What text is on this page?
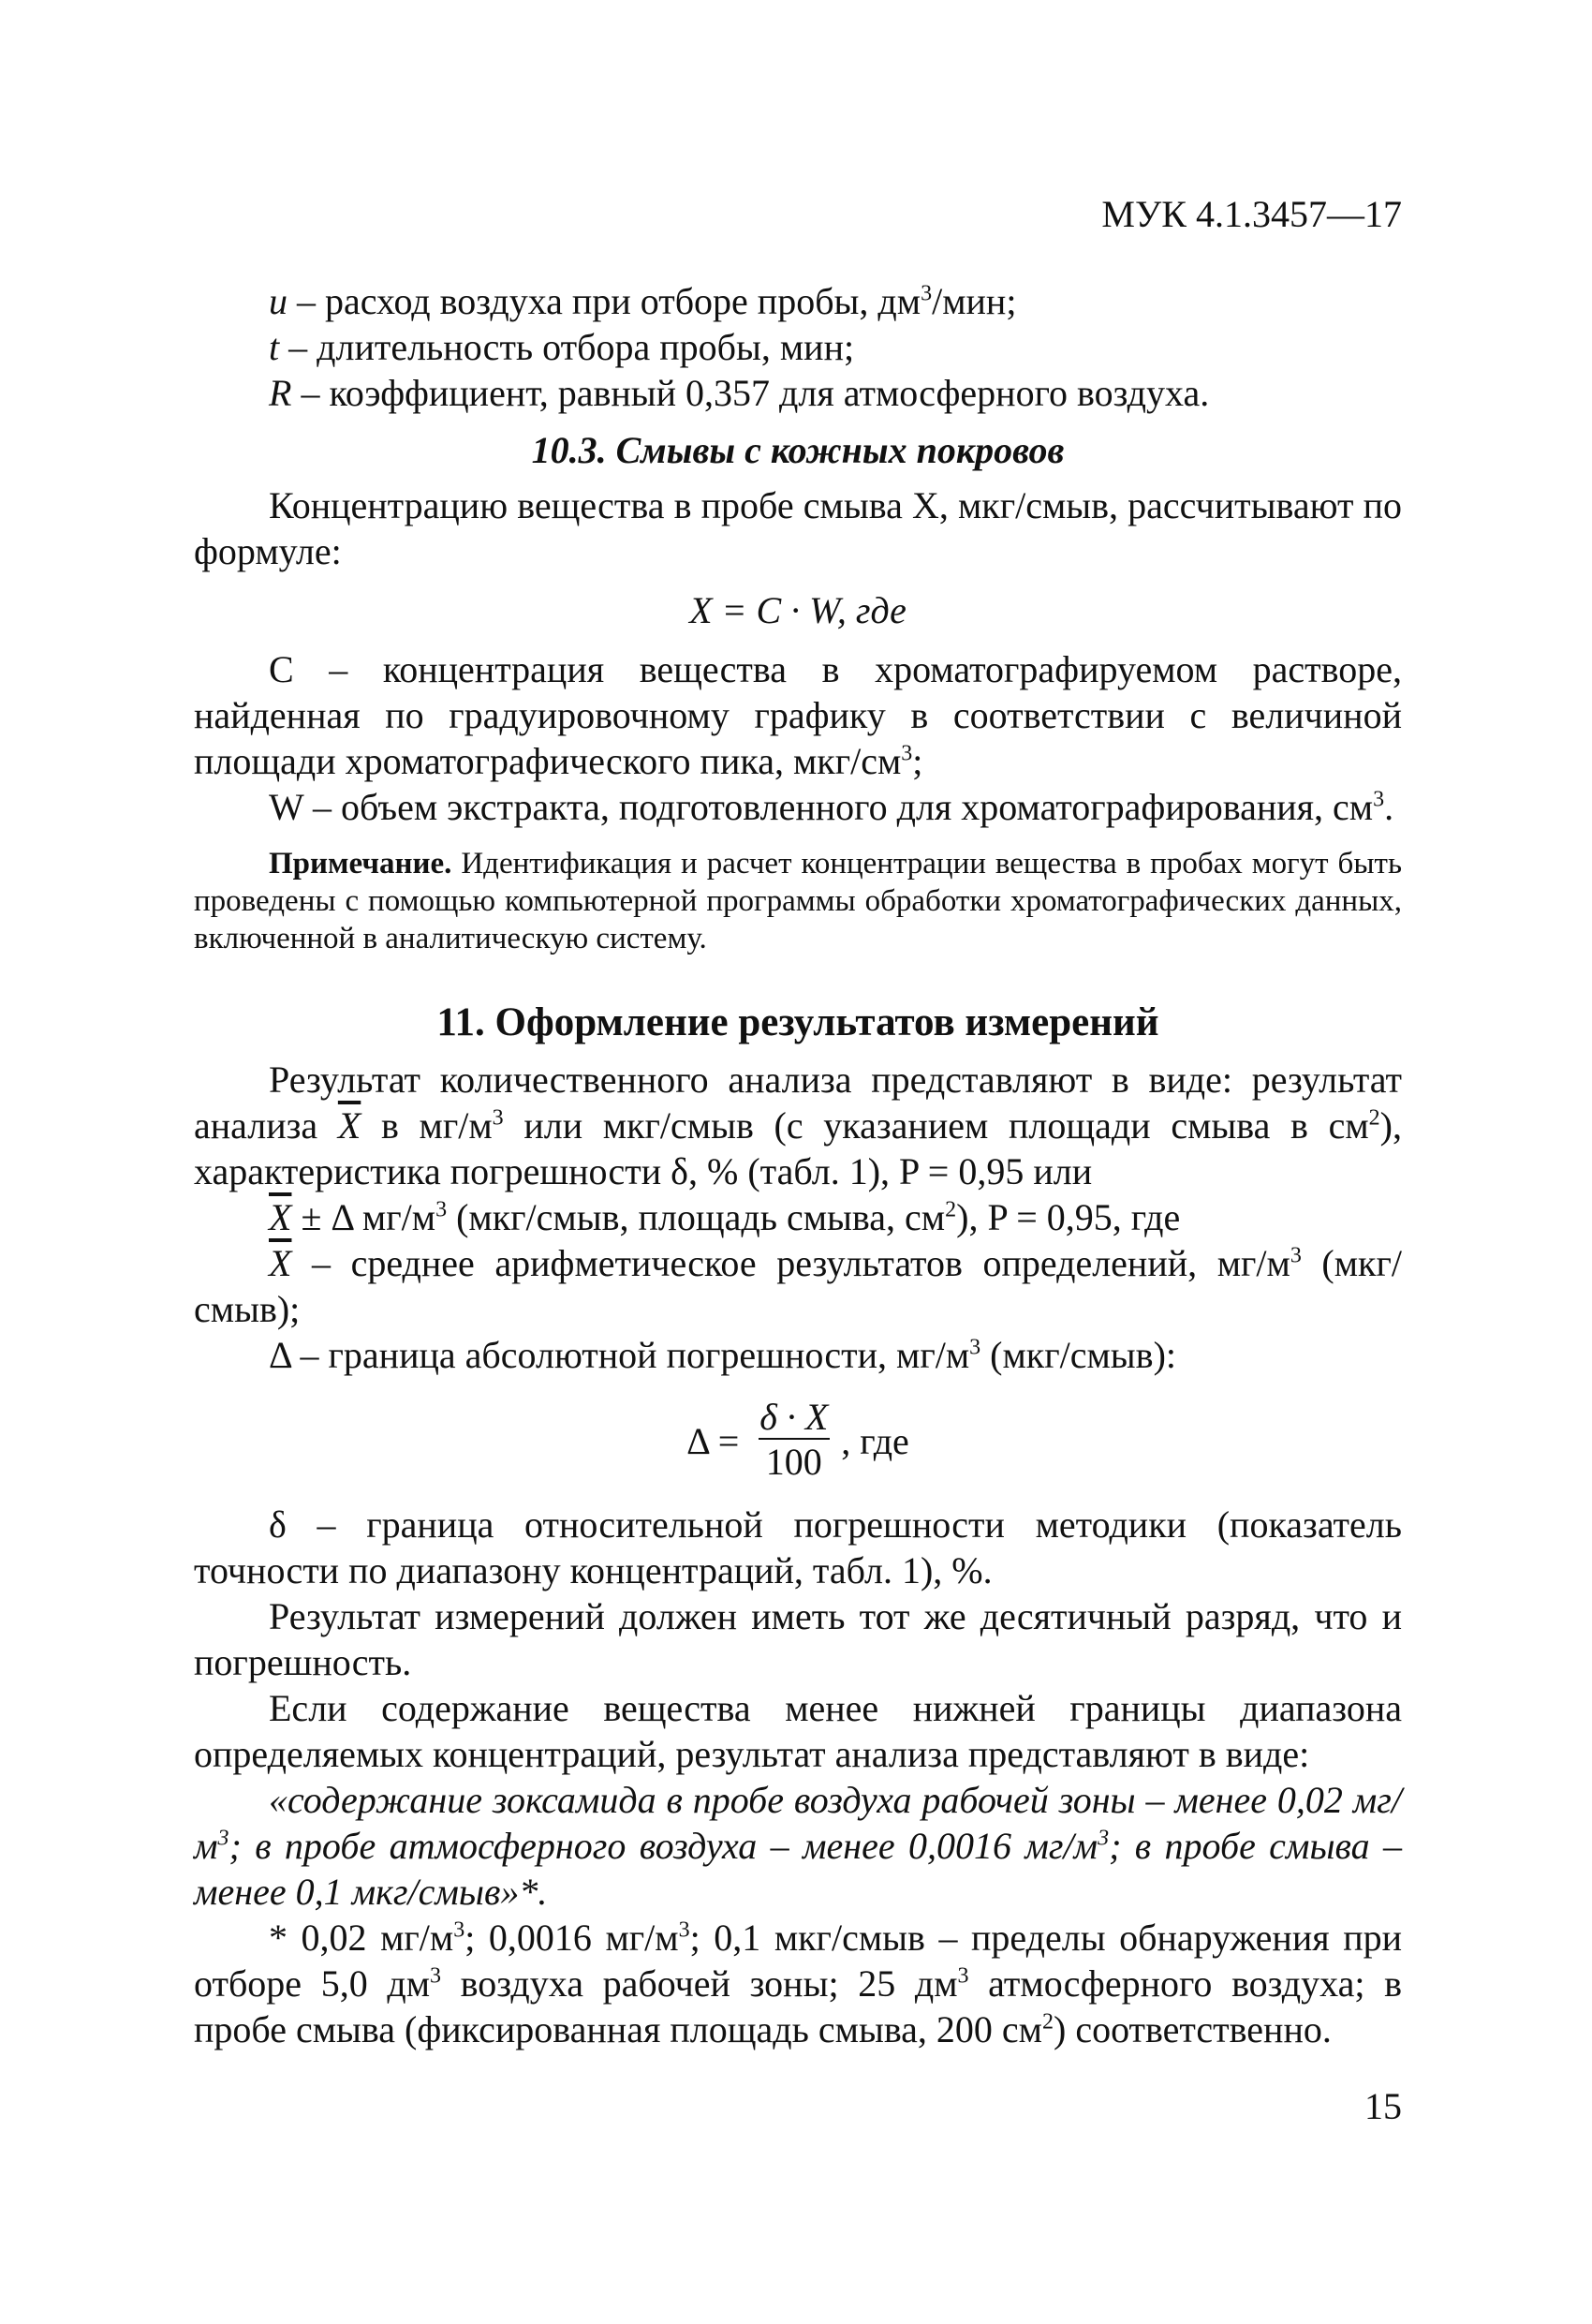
МУК 4.1.3457—17

u – расход воздуха при отборе пробы, $дм^3$/мин;

t – длительность отбора пробы, мин;

R – коэффициент, равный 0,357 для атмосферного воздуха.

10.3. Смывы с кожных покровов

Концентрацию вещества в пробе смыва X, мкг/смыв, рассчитывают по формуле:

X = C · W, где

C – концентрация вещества в хроматографируемом растворе, найденная по градуировочному графику в соответствии с величиной площади хроматографического пика, мкг/$см^3$;

W – объем экстракта, подготовленного для хроматографирования, $см^3$.

Примечание. Идентификация и расчет концентрации вещества в пробах могут быть проведены с помощью компьютерной программы обработки хроматографических данных, включенной в аналитическую систему.

11. Оформление результатов измерений

Результат количественного анализа представляют в виде: результат анализа $\overline{X}$ в $мг/м^3$ или мкг/смыв (с указанием площади смыва в $см^2$), характеристика погрешности δ, % (табл. 1), P = 0,95 или

$\overline{X} \pm \Delta$ $мг/м^3$ (мкг/смыв, площадь смыва, $см^2$), P = 0,95, где

$\overline{X}$ – среднее арифметическое результатов определений, $мг/м^3$ (мкг/смыв);

Δ – граница абсолютной погрешности, $мг/м^3$ (мкг/смыв):

$\Delta = \frac{\delta \cdot X}{100}$ , где

δ – граница относительной погрешности методики (показатель точности по диапазону концентраций, табл. 1), %.

Результат измерений должен иметь тот же десятичный разряд, что и погрешность.

Если содержание вещества менее нижней границы диапазона определяемых концентраций, результат анализа представляют в виде:

«содержание зоксамида в пробе воздуха рабочей зоны – менее 0,02 $мг/м^3$; в пробе атмосферного воздуха – менее 0,0016 $мг/м^3$; в пробе смыва – менее 0,1 мкг/смыв»*.

* 0,02 $мг/м^3$; 0,0016 $мг/м^3$; 0,1 мкг/смыв – пределы обнаружения при отборе 5,0 $дм^3$ воздуха рабочей зоны; 25 $дм^3$ атмосферного воздуха; в пробе смыва (фиксированная площадь смыва, 200 $см^2$) соответственно.

15
